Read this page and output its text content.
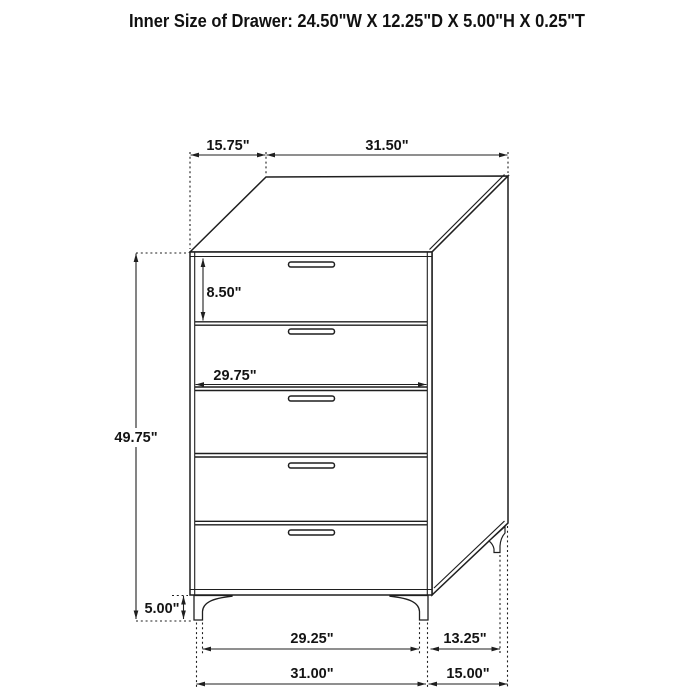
Inner Size of Drawer: 24.50"W X 12.25"D X 5.00"H X 0.25"T
15.75"	31.50"
8.50"
29.75"
49.75"
5.00"
29.25"	13.25"
31.00"	15.00"
